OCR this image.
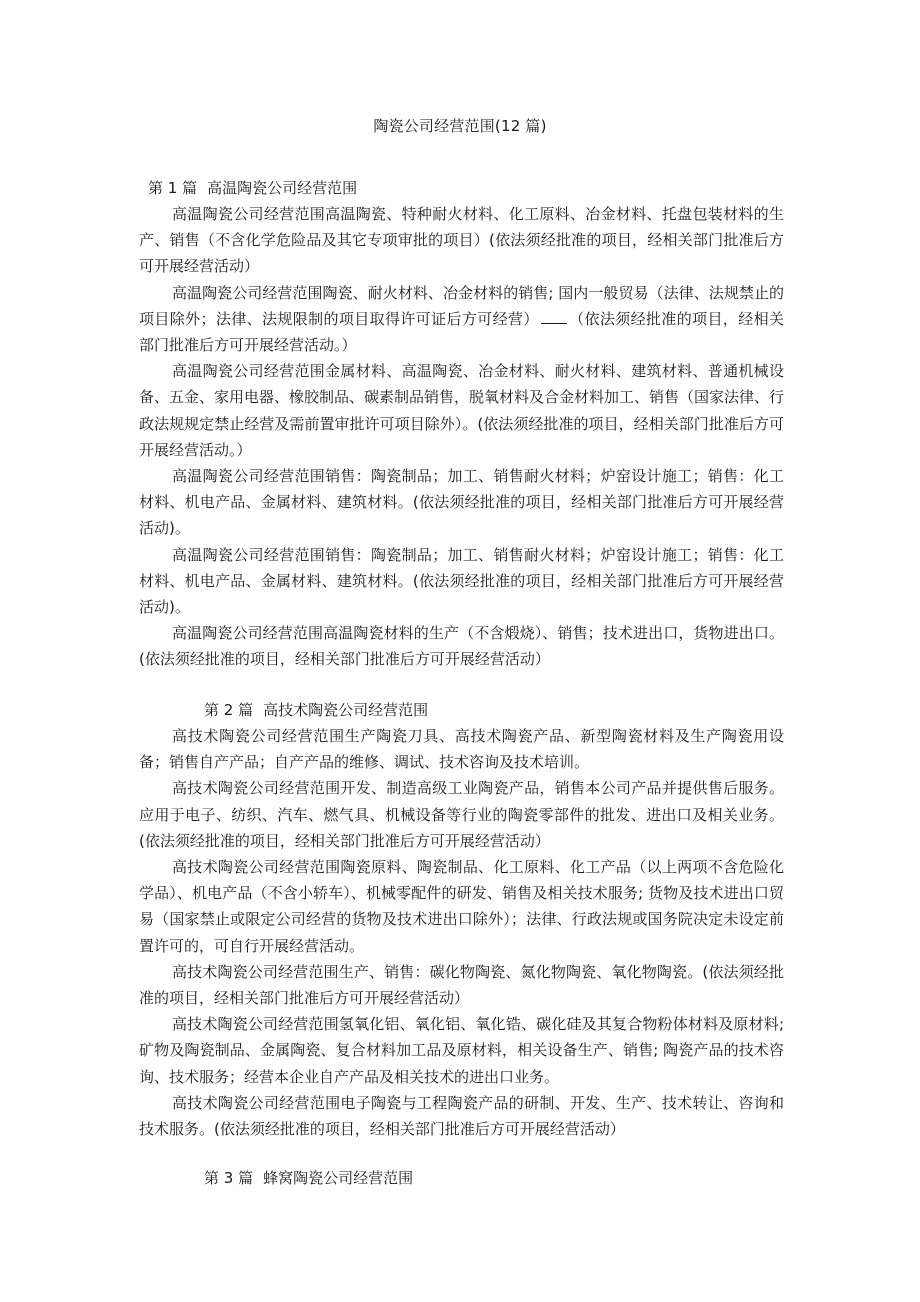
陶瓷公司经营范围(12 篇)
第 1 篇 高温陶瓷公司经营范围

高温陶瓷公司经营范围高温陶瓷、特种耐火材料、化工原料、冶金材料、托盘包装材料的生产、销售（不含化学危险品及其它专项审批的项目）(依法须经批准的项目，经相关部门批准后方可开展经营活动）

高温陶瓷公司经营范围陶瓷、耐火材料、冶金材料的销售; 国内一般贸易（法律、法规禁止的项目除外；法律、法规限制的项目取得许可证后方可经营） （依法须经批准的项目，经相关部门批准后方可开展经营活动。）

高温陶瓷公司经营范围金属材料、高温陶瓷、冶金材料、耐火材料、建筑材料、普通机械设备、五金、家用电器、橡胶制品、碳素制品销售，脱氧材料及合金材料加工、销售（国家法律、行政法规规定禁止经营及需前置审批许可项目除外）。(依法须经批准的项目，经相关部门批准后方可开展经营活动。）

高温陶瓷公司经营范围销售：陶瓷制品；加工、销售耐火材料；炉窑设计施工；销售：化工材料、机电产品、金属材料、建筑材料。(依法须经批准的项目，经相关部门批准后方可开展经营活动)。

高温陶瓷公司经营范围销售：陶瓷制品；加工、销售耐火材料；炉窑设计施工；销售：化工材料、机电产品、金属材料、建筑材料。(依法须经批准的项目，经相关部门批准后方可开展经营活动)。

高温陶瓷公司经营范围高温陶瓷材料的生产（不含煅烧）、销售；技术进出口，货物进出口。(依法须经批准的项目，经相关部门批准后方可开展经营活动）

第 2 篇 高技术陶瓷公司经营范围

高技术陶瓷公司经营范围生产陶瓷刀具、高技术陶瓷产品、新型陶瓷材料及生产陶瓷用设备；销售自产产品；自产产品的维修、调试、技术咨询及技术培训。

高技术陶瓷公司经营范围开发、制造高级工业陶瓷产品，销售本公司产品并提供售后服务。应用于电子、纺织、汽车、燃气具、机械设备等行业的陶瓷零部件的批发、进出口及相关业务。(依法须经批准的项目，经相关部门批准后方可开展经营活动）

高技术陶瓷公司经营范围陶瓷原料、陶瓷制品、化工原料、化工产品（以上两项不含危险化学品）、机电产品（不含小轿车）、机械零配件的研发、销售及相关技术服务; 货物及技术进出口贸易（国家禁止或限定公司经营的货物及技术进出口除外）；法律、行政法规或国务院决定未设定前置许可的，可自行开展经营活动。

高技术陶瓷公司经营范围生产、销售：碳化物陶瓷、氮化物陶瓷、氧化物陶瓷。(依法须经批准的项目，经相关部门批准后方可开展经营活动）

高技术陶瓷公司经营范围氢氧化铝、氧化铝、氧化锆、碳化硅及其复合物粉体材料及原材料; 矿物及陶瓷制品、金属陶瓷、复合材料加工品及原材料，相关设备生产、销售; 陶瓷产品的技术咨询、技术服务；经营本企业自产产品及相关技术的进出口业务。

高技术陶瓷公司经营范围电子陶瓷与工程陶瓷产品的研制、开发、生产、技术转让、咨询和技术服务。(依法须经批准的项目，经相关部门批准后方可开展经营活动）

第 3 篇 蜂窝陶瓷公司经营范围
